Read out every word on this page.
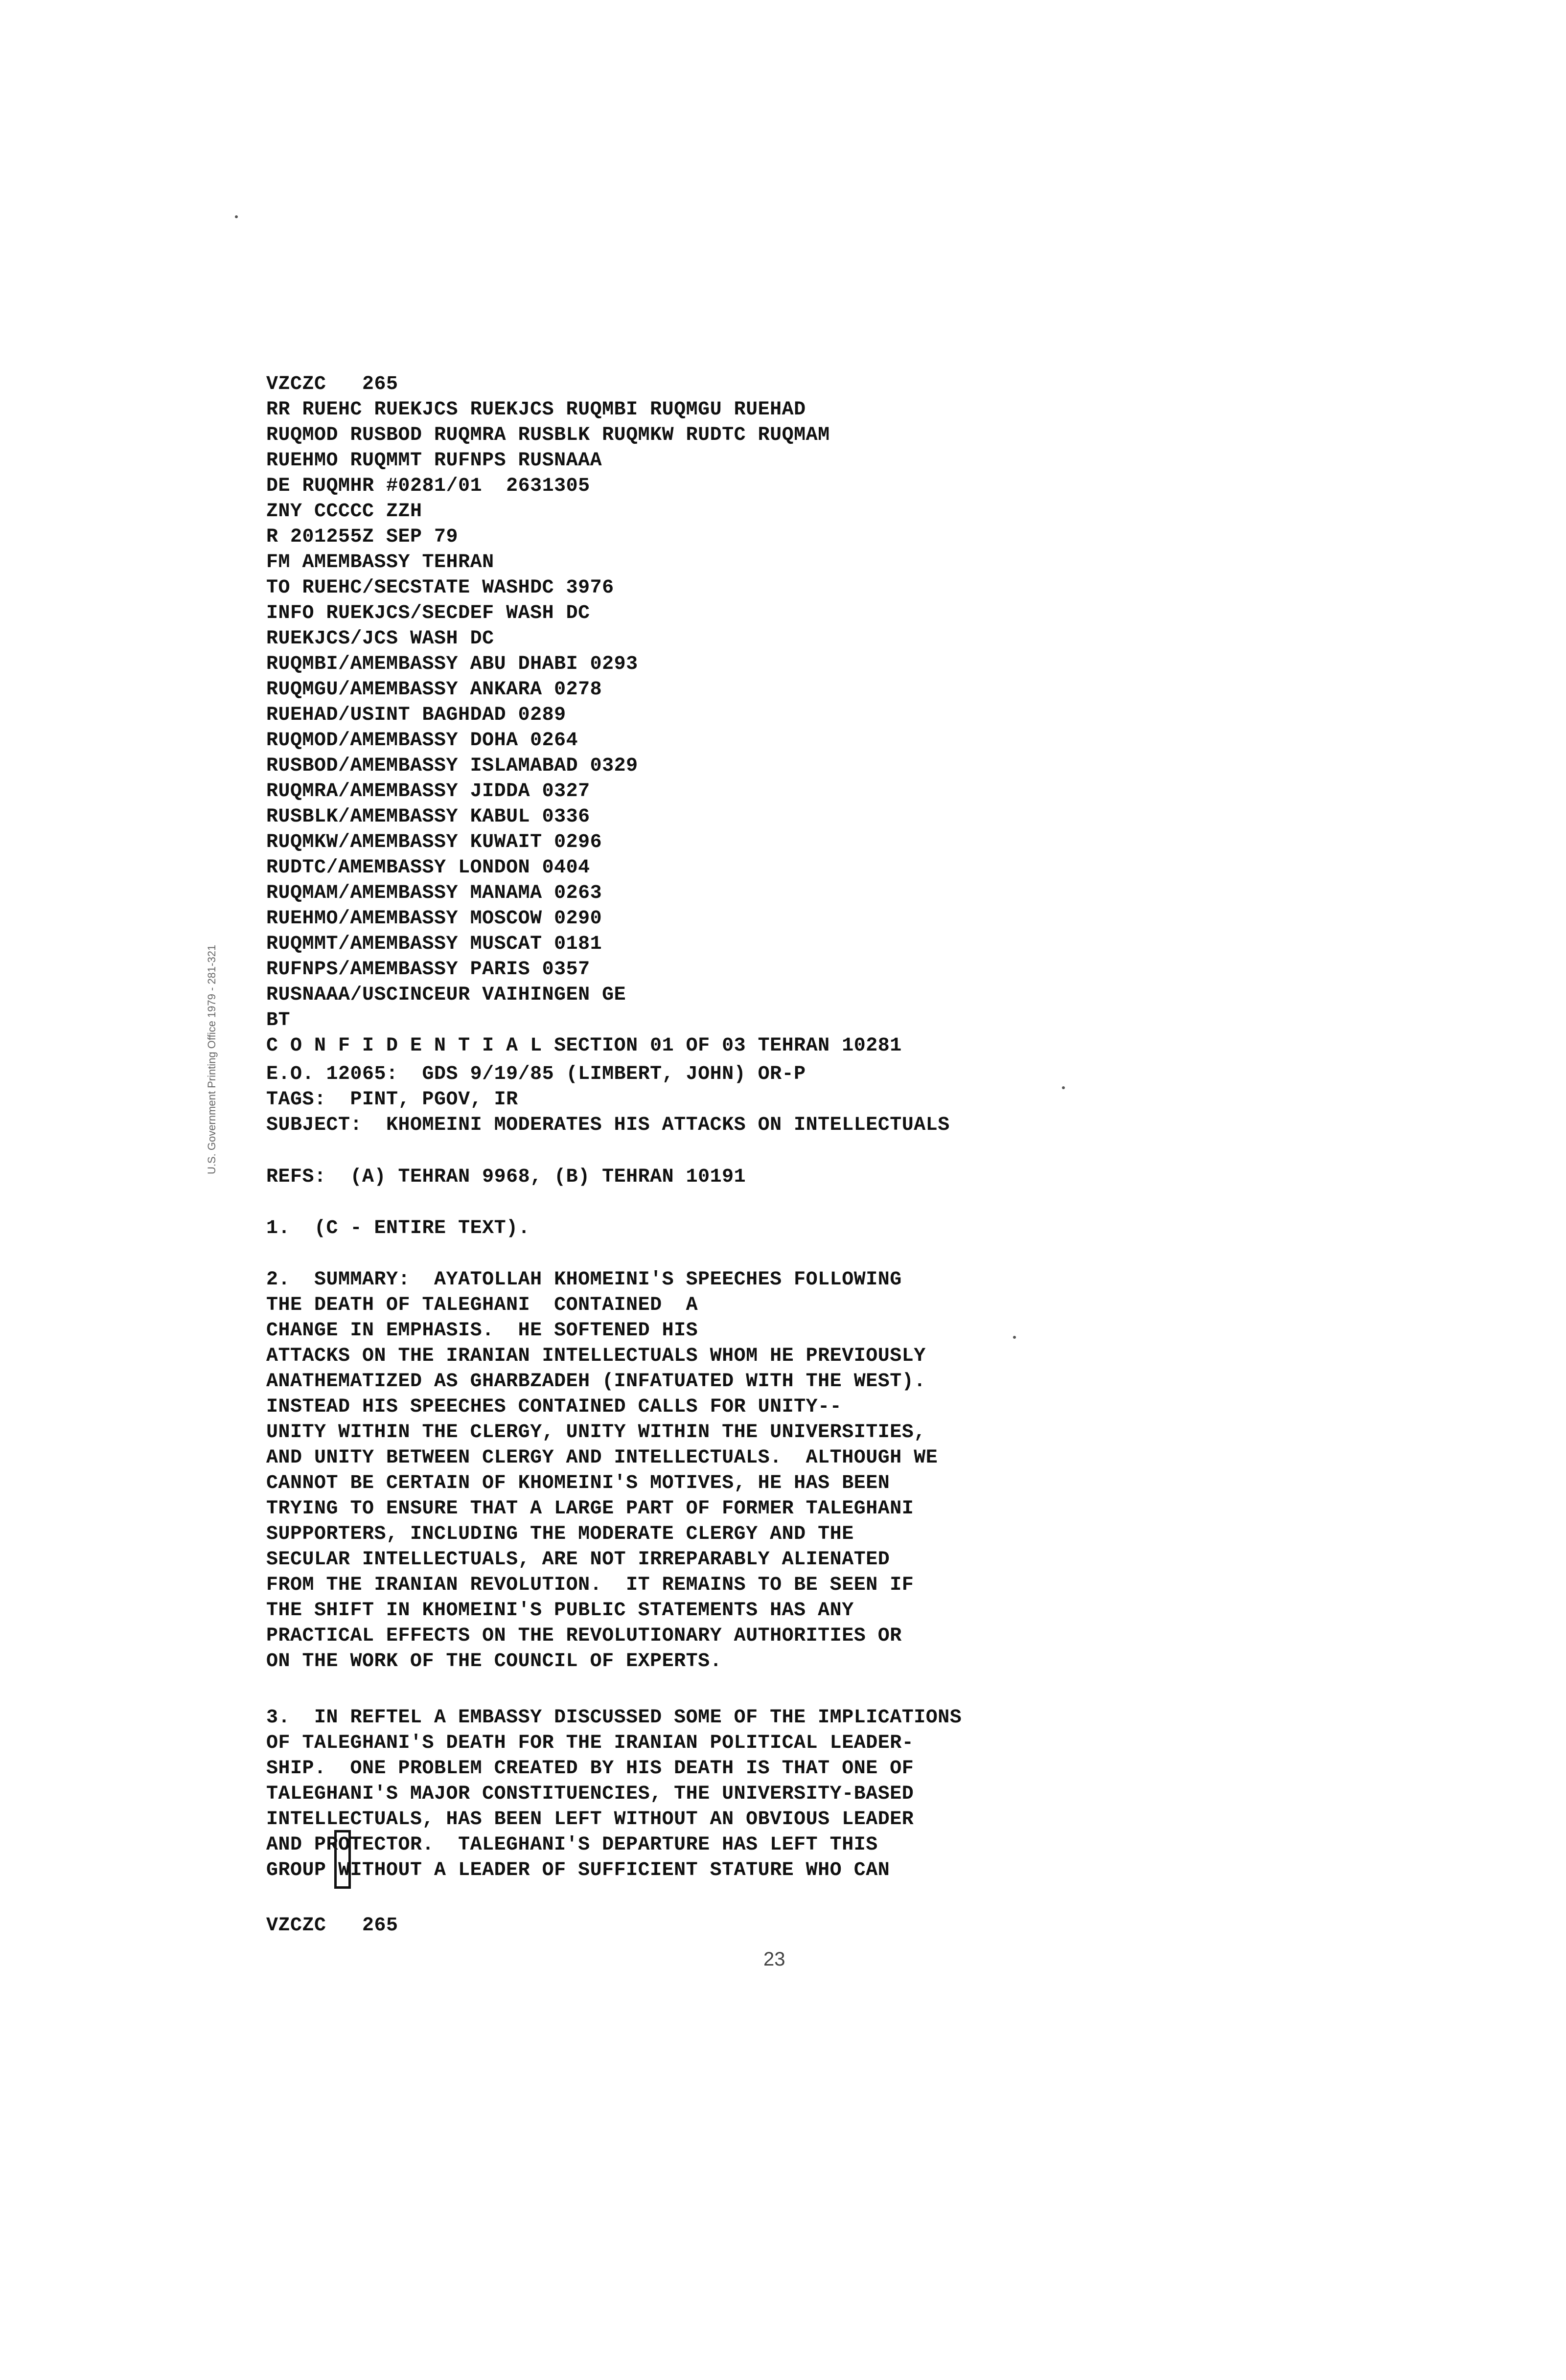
U.S. Government Printing Office 1979 - 281-321
VZCZC   265
RR RUEHC RUEKJCS RUEKJCS RUQMBI RUQMGU RUEHAD
RUQMOD RUSBOD RUQMRA RUSBLK RUQMKW RUDTC RUQMAM
RUEHMO RUQMMT RUFNPS RUSNAAA
DE RUQMHR #0281/01  2631305
ZNY CCCCC ZZH
R 201255Z SEP 79
FM AMEMBASSY TEHRAN
TO RUEHC/SECSTATE WASHDC 3976
INFO RUEKJCS/SECDEF WASH DC
RUEKJCS/JCS WASH DC
RUQMBI/AMEMBASSY ABU DHABI 0293
RUQMGU/AMEMBASSY ANKARA 0278
RUEHAD/USINT BAGHDAD 0289
RUQMOD/AMEMBASSY DOHA 0264
RUSBOD/AMEMBASSY ISLAMABAD 0329
RUQMRA/AMEMBASSY JIDDA 0327
RUSBLK/AMEMBASSY KABUL 0336
RUQMKW/AMEMBASSY KUWAIT 0296
RUDTC/AMEMBASSY LONDON 0404
RUQMAM/AMEMBASSY MANAMA 0263
RUEHMO/AMEMBASSY MOSCOW 0290
RUQMMT/AMEMBASSY MUSCAT 0181
RUFNPS/AMEMBASSY PARIS 0357
RUSNAAA/USCINCEUR VAIHINGEN GE
BT
C O N F I D E N T I A L SECTION 01 OF 03 TEHRAN 10281
E.O. 12065:  GDS 9/19/85 (LIMBERT, JOHN) OR-P
TAGS:  PINT, PGOV, IR
SUBJECT:  KHOMEINI MODERATES HIS ATTACKS ON INTELLECTUALS
REFS:  (A) TEHRAN 9968, (B) TEHRAN 10191
1.  (C - ENTIRE TEXT).
2.  SUMMARY:  AYATOLLAH KHOMEINI'S SPEECHES FOLLOWING
THE DEATH OF TALEGHANI  CONTAINED  A
CHANGE IN EMPHASIS.  HE SOFTENED HIS
ATTACKS ON THE IRANIAN INTELLECTUALS WHOM HE PREVIOUSLY
ANATHEMATIZED AS GHARBZADEH (INFATUATED WITH THE WEST).
INSTEAD HIS SPEECHES CONTAINED CALLS FOR UNITY--
UNITY WITHIN THE CLERGY, UNITY WITHIN THE UNIVERSITIES,
AND UNITY BETWEEN CLERGY AND INTELLECTUALS.  ALTHOUGH WE
CANNOT BE CERTAIN OF KHOMEINI'S MOTIVES, HE HAS BEEN
TRYING TO ENSURE THAT A LARGE PART OF FORMER TALEGHANI
SUPPORTERS, INCLUDING THE MODERATE CLERGY AND THE
SECULAR INTELLECTUALS, ARE NOT IRREPARABLY ALIENATED
FROM THE IRANIAN REVOLUTION.  IT REMAINS TO BE SEEN IF
THE SHIFT IN KHOMEINI'S PUBLIC STATEMENTS HAS ANY
PRACTICAL EFFECTS ON THE REVOLUTIONARY AUTHORITIES OR
ON THE WORK OF THE COUNCIL OF EXPERTS.
3.  IN REFTEL A EMBASSY DISCUSSED SOME OF THE IMPLICATIONS
OF TALEGHANI'S DEATH FOR THE IRANIAN POLITICAL LEADER-
SHIP.  ONE PROBLEM CREATED BY HIS DEATH IS THAT ONE OF
TALEGHANI'S MAJOR CONSTITUENCIES, THE UNIVERSITY-BASED
INTELLECTUALS, HAS BEEN LEFT WITHOUT AN OBVIOUS LEADER
AND PROTECTOR.  TALEGHANI'S DEPARTURE HAS LEFT THIS
GROUP WITHOUT A LEADER OF SUFFICIENT STATURE WHO CAN
VZCZC   265
23
